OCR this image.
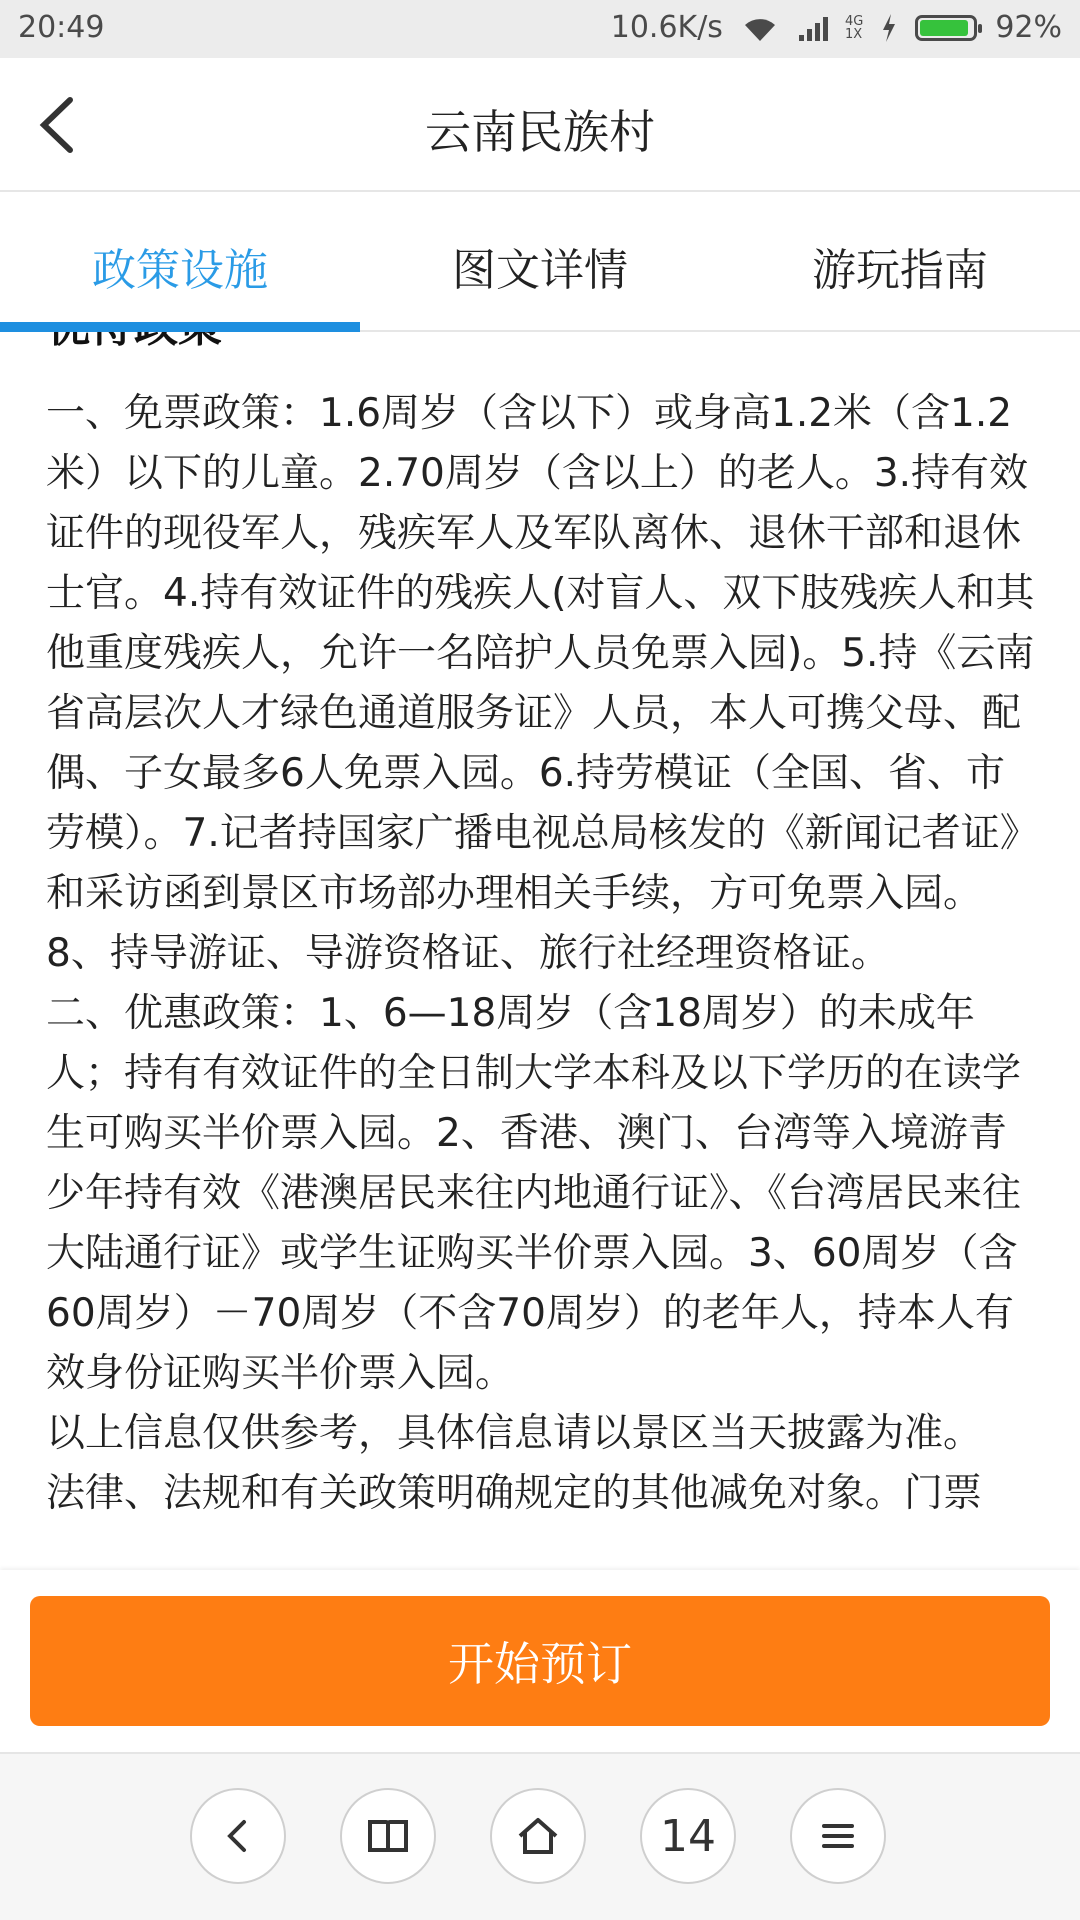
20:49	10.6K/s	4G
1X	92%
云南民族村
政策设施	图文详情	游玩指南

一、免票政策：1.6周岁（含以下）或身高1.2米（含1.2米）以下的儿童。2.70周岁（含以上）的老人。3.持有效证件的现役军人，残疾军人及军队离休、退休干部和退休士官。4.持有效证件的残疾人(对盲人、双下肢残疾人和其他重度残疾人，允许一名陪护人员免票入园)。5.持《云南省高层次人才绿色通道服务证》人员，本人可携父母、配偶、子女最多6人免票入园。6.持劳模证（全国、省、市劳模）。7.记者持国家广播电视总局核发的《新闻记者证》和采访函到景区市场部办理相关手续，方可免票入园。8、持导游证、导游资格证、旅行社经理资格证。

二、优惠政策：1、6—18周岁（含18周岁）的未成年人；持有有效证件的全日制大学本科及以下学历的在读学生可购买半价票入园。2、香港、澳门、台湾等入境游青少年持有效《港澳居民来往内地通行证》、《台湾居民来往大陆通行证》或学生证购买半价票入园。3、60周岁（含60周岁）－70周岁（不含70周岁）的老年人，持本人有效身份证购买半价票入园。

以上信息仅供参考，具体信息请以景区当天披露为准。

法律、法规和有关政策明确规定的其他减免对象。门票

开始预订
14
